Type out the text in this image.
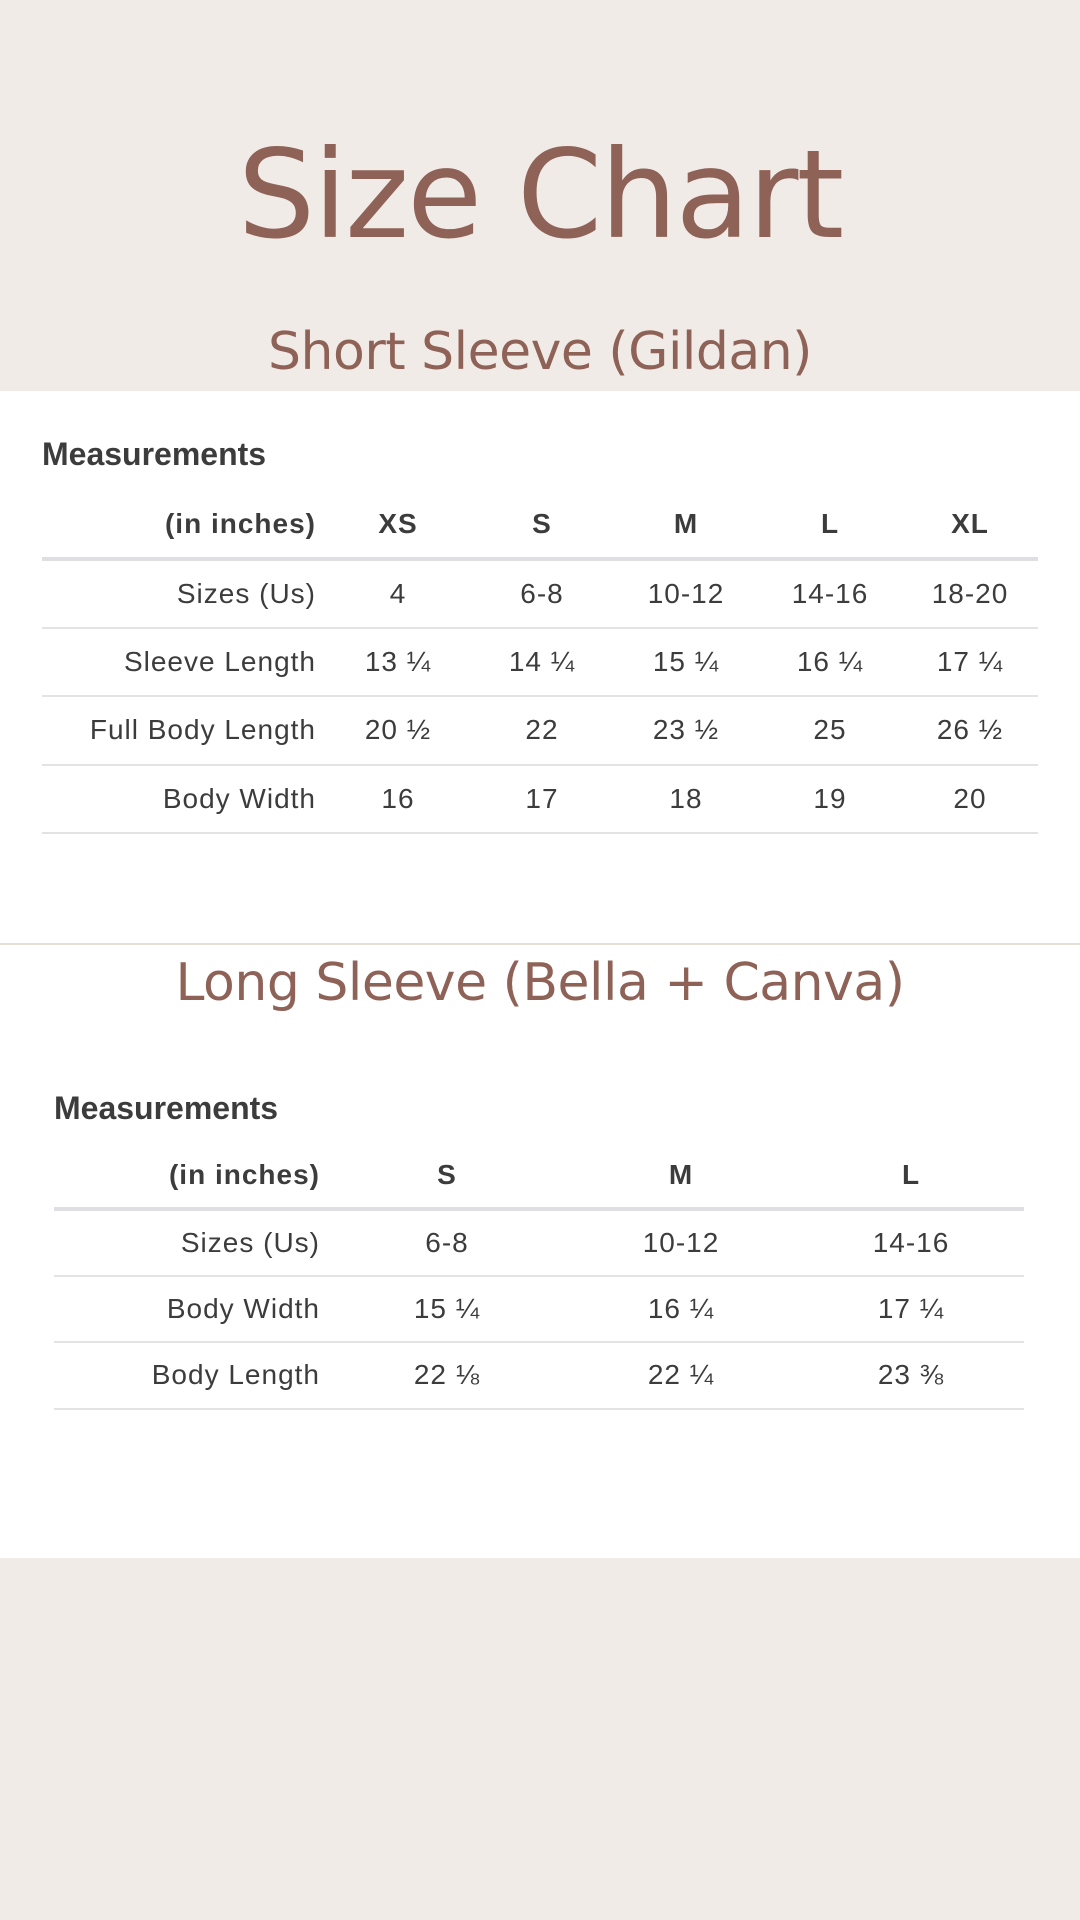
Size Chart
Short Sleeve (Gildan)

Measurements

(in inches)	XS	S	M	L	XL
Sizes (Us)	4	6-8	10-12	14-16	18-20
Sleeve Length	13 ¼	14 ¼	15 ¼	16 ¼	17 ¼
Full Body Length	20 ½	22	23 ½	25	26 ½
Body Width	16	17	18	19	20
Long Sleeve (Bella + Canva)

Measurements

(in inches)	S	M	L
Sizes (Us)	6-8	10-12	14-16
Body Width	15 ¼	16 ¼	17 ¼
Body Length	22 ⅛	22 ¼	23 ⅜
